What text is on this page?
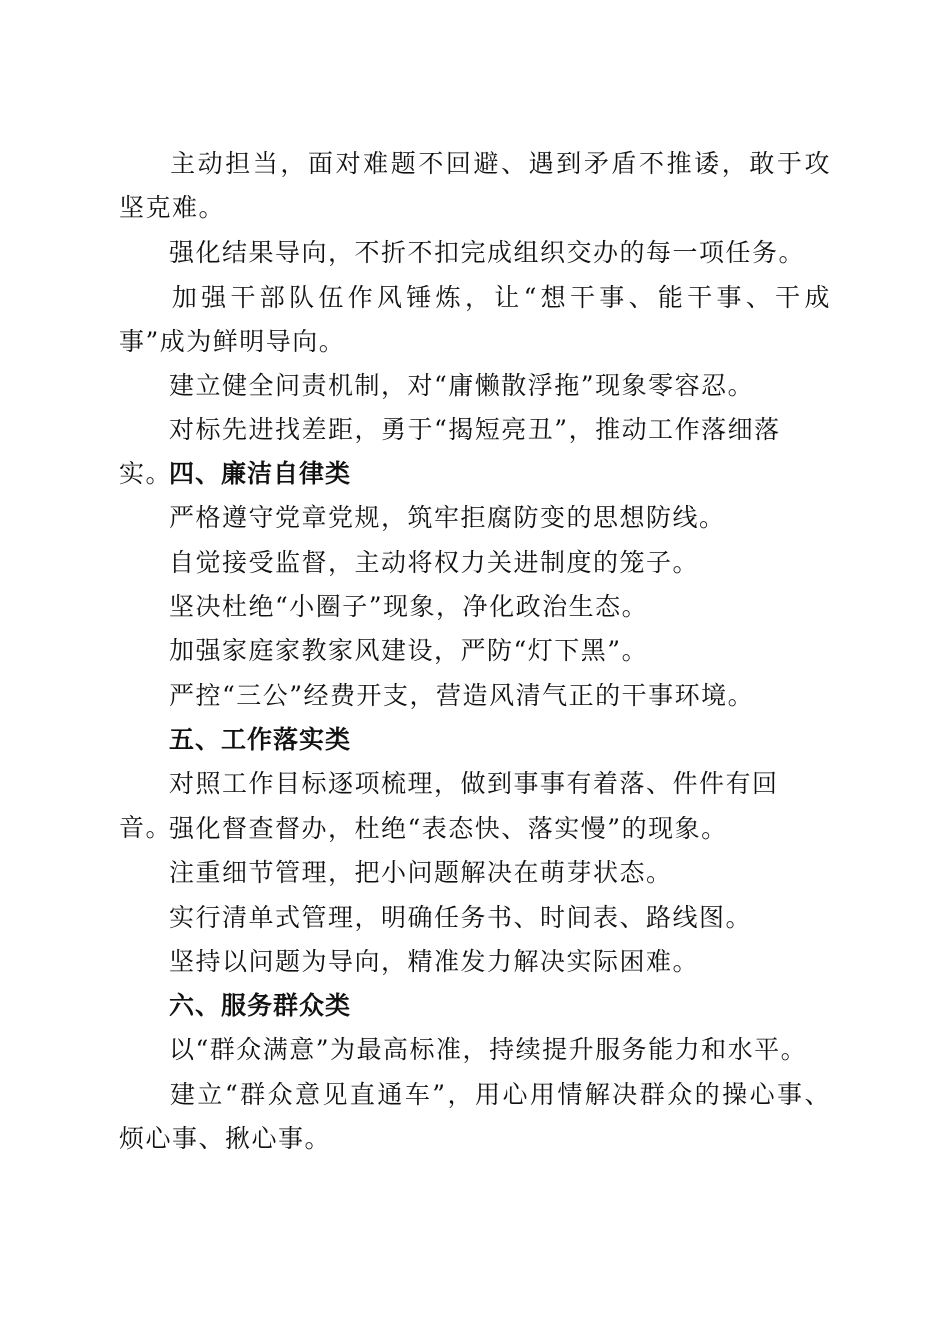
主动担当，面对难题不回避、遇到矛盾不推诿，敢于攻坚克难。

强化结果导向，不折不扣完成组织交办的每一项任务。

加强干部队伍作风锤炼，让“想干事、能干事、干成事”成为鲜明导向。

建立健全问责机制，对“庸懒散浮拖”现象零容忍。

对标先进找差距，勇于“揭短亮丑”，推动工作落细落实。

四、廉洁自律类

严格遵守党章党规，筑牢拒腐防变的思想防线。

自觉接受监督，主动将权力关进制度的笼子。

坚决杜绝“小圈子”现象，净化政治生态。

加强家庭家教家风建设，严防“灯下黑”。

严控“三公”经费开支，营造风清气正的干事环境。

五、工作落实类

对照工作目标逐项梳理，做到事事有着落、件件有回音。

强化督查督办，杜绝“表态快、落实慢”的现象。

注重细节管理，把小问题解决在萌芽状态。

实行清单式管理，明确任务书、时间表、路线图。

坚持以问题为导向，精准发力解决实际困难。

六、服务群众类

以“群众满意”为最高标准，持续提升服务能力和水平。

建立“群众意见直通车”，用心用情解决群众的操心事、烦心事、揪心事。
